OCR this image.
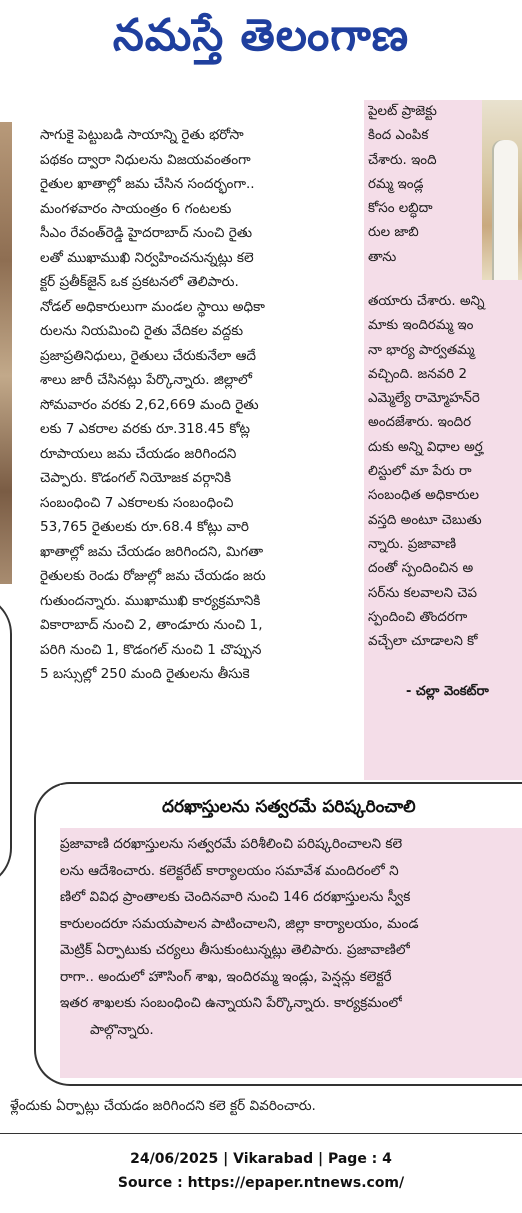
నమస్తే తెలంగాణ
సాగుకై పెట్టుబడి సాయాన్ని రైతు భరోసా
పథకం ద్వారా నిధులను విజయవంతంగా
రైతుల ఖాతాల్లో జమ చేసిన సందర్భంగా..
మంగళవారం సాయంత్రం 6 గంటలకు
సీఎం రేవంత్‌రెడ్డి హైదరాబాద్ నుంచి రైతు
లతో ముఖాముఖి నిర్వహించనున్నట్లు కలె
క్టర్ ప్రతీక్‌జైన్ ఒక ప్రకటనలో తెలిపారు.
నోడల్ అధికారులుగా మండల స్థాయి అధికా
రులను నియమించి రైతు వేదికల వద్దకు
ప్రజాప్రతినిధులు, రైతులు చేరుకునేలా ఆదే
శాలు జారీ చేసినట్లు పేర్కొన్నారు. జిల్లాలో
సోమవారం వరకు 2,62,669 మంది రైతు
లకు 7 ఎకరాల వరకు రూ.318.45 కోట్ల
రూపాయలు జమ చేయడం జరిగిందని
చెప్పారు. కొడంగల్ నియోజక వర్గానికి
సంబంధించి 7 ఎకరాలకు సంబంధించి
53,765 రైతులకు రూ.68.4 కోట్లు వారి
ఖాతాల్లో జమ చేయడం జరిగిందని, మిగతా
రైతులకు రెండు రోజుల్లో జమ చేయడం జరు
గుతుందన్నారు. ముఖాముఖి కార్యక్రమానికి
వికారాబాద్ నుంచి 2, తాండూరు నుంచి 1,
పరిగి నుంచి 1, కొడంగల్ నుంచి 1 చొప్పున
5 బస్సుల్లో 250 మంది రైతులను తీసుకె
పైలట్ ప్రాజెక్టు
కింద ఎంపిక
చేశారు. ఇంది
రమ్మ ఇండ్ల
కోసం లబ్ధిదా
రుల జాబి
తాను
తయారు చేశారు. అన్ని
మాకు ఇందిరమ్మ ఇం
నా భార్య పార్వతమ్మ
వచ్చింది. జనవరి 2
ఎమ్మెల్యే రామ్మోహన్‌రె
అందజేశారు. ఇందిర
దుకు అన్ని విధాల అర్హ
లిస్టులో మా పేరు రా
సంబంధిత అధికారుల
వస్తది అంటూ చెబుతు
న్నారు. ప్రజావాణి
దంతో స్పందించిన అ
సర్‌ను కలవాలని చెప
స్పందించి తొందరగా
వచ్చేలా చూడాలని కో
- చల్లా వెంకట్‌రా
దరఖాస్తులను సత్వరమే పరిష్కరించాలి
ప్రజావాణి దరఖాస్తులను సత్వరమే పరిశీలించి పరిష్కరించాలని కలె
లను ఆదేశించారు. కలెక్టరేట్ కార్యాలయం సమావేశ మందిరంలో ని
ణిలో వివిధ ప్రాంతాలకు చెందినవారి నుంచి 146 దరఖాస్తులను స్వీక
కారులందరూ సమయపాలన పాటించాలని, జిల్లా కార్యాలయం, మండ
మెట్రిక్ ఏర్పాటుకు చర్యలు తీసుకుంటున్నట్లు తెలిపారు. ప్రజావాణిలో
రాగా.. అందులో హౌసింగ్ శాఖ, ఇందిరమ్మ ఇండ్లు, పెన్షన్లు కలెక్టరే
ఇతర శాఖలకు సంబంధించి ఉన్నాయని పేర్కొన్నారు. కార్యక్రమంలో
పాల్గొన్నారు.
ళ్లేందుకు ఏర్పాట్లు చేయడం జరిగిందని కలె క్టర్ వివరించారు.
24/06/2025 | Vikarabad | Page : 4
Source : https://epaper.ntnews.com/
